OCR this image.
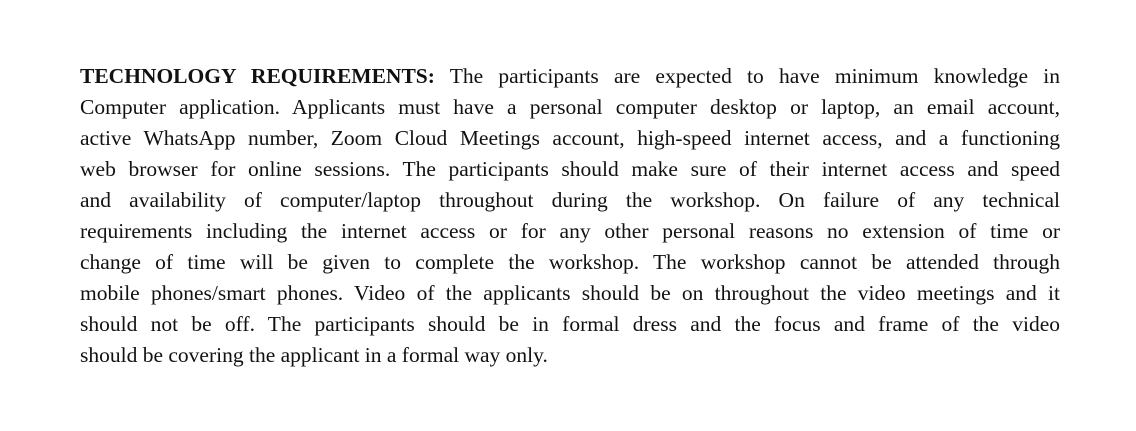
TECHNOLOGY REQUIREMENTS: The participants are expected to have minimum knowledge in
Computer application. Applicants must have a personal computer desktop or laptop, an email account,
active WhatsApp number, Zoom Cloud Meetings account, high-speed internet access, and a functioning
web browser for online sessions. The participants should make sure of their internet access and speed
and availability of computer/laptop throughout during the workshop. On failure of any technical
requirements including the internet access or for any other personal reasons no extension of time or
change of time will be given to complete the workshop. The workshop cannot be attended through
mobile phones/smart phones. Video of the applicants should be on throughout the video meetings and it
should not be off. The participants should be in formal dress and the focus and frame of the video
should be covering the applicant in a formal way only.
